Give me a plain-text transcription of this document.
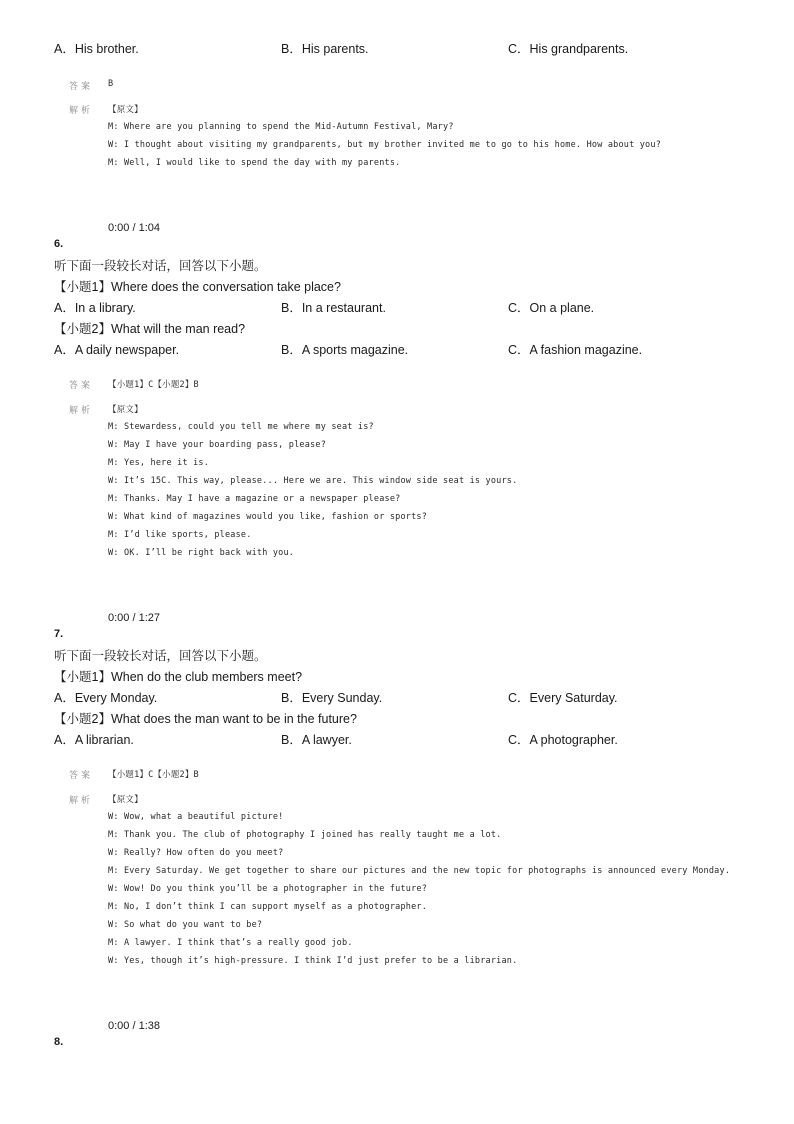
A．His brother.	B．His parents.	C．His grandparents.
答案 B
解析 【原文】
M: Where are you planning to spend the Mid-Autumn Festival, Mary?
W: I thought about visiting my grandparents, but my brother invited me to go to his home. How about you?
M: Well, I would like to spend the day with my parents.
0:00 / 1:04
6.
听下面一段较长对话，回答以下小题。
【小题1】Where does the conversation take place?
A．In a library.	B．In a restaurant.	C．On a plane.
【小题2】What will the man read?
A．A daily newspaper.	B．A sports magazine.	C．A fashion magazine.
答案 【小题1】C【小题2】B
解析 【原文】
M: Stewardess, could you tell me where my seat is?
W: May I have your boarding pass, please?
M: Yes, here it is.
W: It’s 15C. This way, please... Here we are. This window side seat is yours.
M: Thanks. May I have a magazine or a newspaper please?
W: What kind of magazines would you like, fashion or sports?
M: I’d like sports, please.
W: OK. I’ll be right back with you.
0:00 / 1:27
7.
听下面一段较长对话，回答以下小题。
【小题1】When do the club members meet?
A．Every Monday.	B．Every Sunday.	C．Every Saturday.
【小题2】What does the man want to be in the future?
A．A librarian.	B．A lawyer.	C．A photographer.
答案 【小题1】C【小题2】B
解析 【原文】
W: Wow, what a beautiful picture!
M: Thank you. The club of photography I joined has really taught me a lot.
W: Really? How often do you meet?
M: Every Saturday. We get together to share our pictures and the new topic for photographs is announced every Monday.
W: Wow! Do you think you’ll be a photographer in the future?
M: No, I don’t think I can support myself as a photographer.
W: So what do you want to be?
M: A lawyer. I think that’s a really good job.
W: Yes, though it’s high-pressure. I think I’d just prefer to be a librarian.
0:00 / 1:38
8.
